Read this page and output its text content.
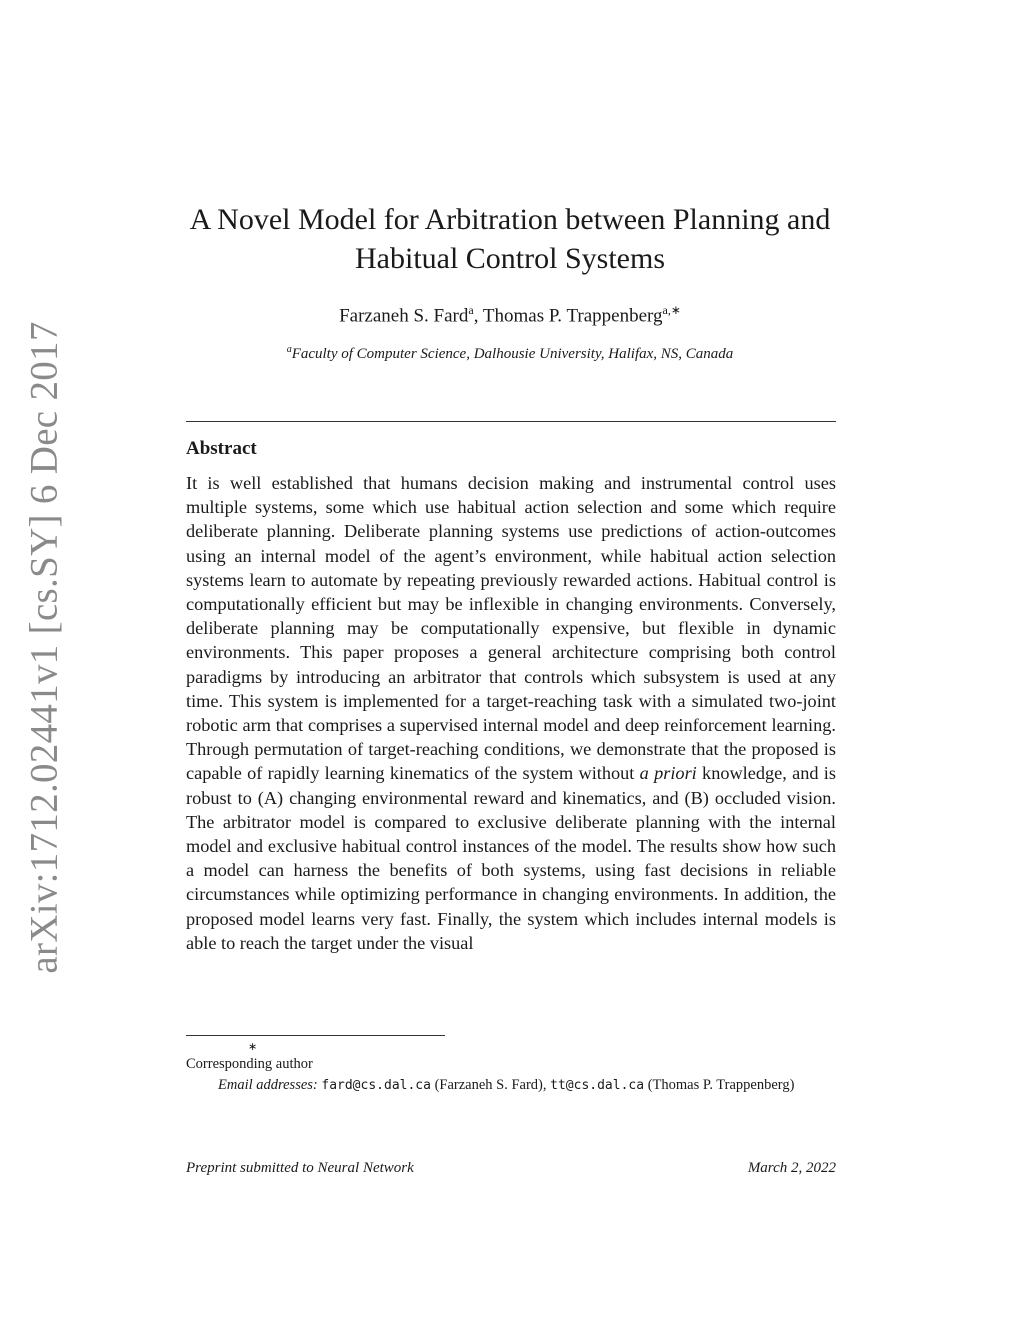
arXiv:1712.02441v1 [cs.SY] 6 Dec 2017
A Novel Model for Arbitration between Planning and
Habitual Control Systems
Farzaneh S. Fard$^a$, Thomas P. Trappenberg$^{a,∗}$
$^a$Faculty of Computer Science, Dalhousie University, Halifax, NS, Canada
Abstract

It is well established that humans decision making and instrumental control uses multiple systems, some which use habitual action selection and some which require deliberate planning. Deliberate planning systems use predictions of action-outcomes using an internal model of the agent’s environment, while habitual action selection systems learn to automate by repeating previously rewarded actions. Habitual control is computationally efficient but may be inflexible in changing environments. Conversely, deliberate planning may be computationally expensive, but flexible in dynamic environments. This paper proposes a general architecture comprising both control paradigms by introducing an arbitrator that controls which subsystem is used at any time. This system is implemented for a target-reaching task with a simulated two-joint robotic arm that comprises a supervised internal model and deep reinforcement learning. Through permutation of target-reaching conditions, we demonstrate that the proposed is capable of rapidly learning kinematics of the system without a priori knowledge, and is robust to (A) changing environmental reward and kinematics, and (B) occluded vision. The arbitrator model is compared to exclusive deliberate planning with the internal model and exclusive habitual control instances of the model. The results show how such a model can harness the benefits of both systems, using fast decisions in reliable circumstances while optimizing performance in changing environments. In addition, the proposed model learns very fast. Finally, the system which includes internal models is able to reach the target under the visual

∗
Corresponding author
Email addresses: fard@cs.dal.ca (Farzaneh S. Fard), tt@cs.dal.ca (Thomas P. Trappenberg)
Preprint submitted to Neural Network	March 2, 2022
